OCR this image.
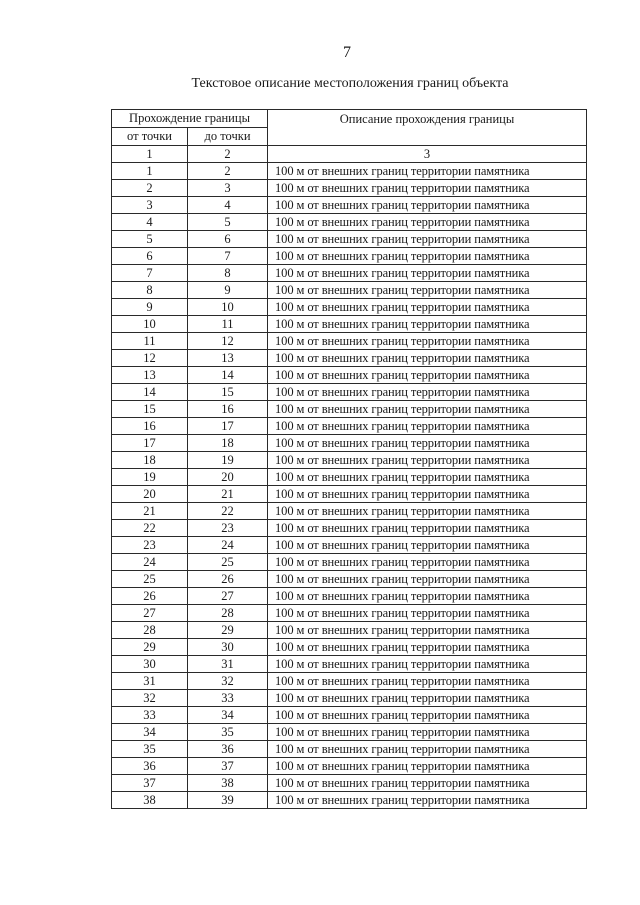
7
Текстовое описание местоположения границ объекта
Прохождение границы		Описание прохождения границы
от точки	до точки	
1	2	3
1	2	100 м от внешних границ территории памятника
2	3	100 м от внешних границ территории памятника
3	4	100 м от внешних границ территории памятника
4	5	100 м от внешних границ территории памятника
5	6	100 м от внешних границ территории памятника
6	7	100 м от внешних границ территории памятника
7	8	100 м от внешних границ территории памятника
8	9	100 м от внешних границ территории памятника
9	10	100 м от внешних границ территории памятника
10	11	100 м от внешних границ территории памятника
11	12	100 м от внешних границ территории памятника
12	13	100 м от внешних границ территории памятника
13	14	100 м от внешних границ территории памятника
14	15	100 м от внешних границ территории памятника
15	16	100 м от внешних границ территории памятника
16	17	100 м от внешних границ территории памятника
17	18	100 м от внешних границ территории памятника
18	19	100 м от внешних границ территории памятника
19	20	100 м от внешних границ территории памятника
20	21	100 м от внешних границ территории памятника
21	22	100 м от внешних границ территории памятника
22	23	100 м от внешних границ территории памятника
23	24	100 м от внешних границ территории памятника
24	25	100 м от внешних границ территории памятника
25	26	100 м от внешних границ территории памятника
26	27	100 м от внешних границ территории памятника
27	28	100 м от внешних границ территории памятника
28	29	100 м от внешних границ территории памятника
29	30	100 м от внешних границ территории памятника
30	31	100 м от внешних границ территории памятника
31	32	100 м от внешних границ территории памятника
32	33	100 м от внешних границ территории памятника
33	34	100 м от внешних границ территории памятника
34	35	100 м от внешних границ территории памятника
35	36	100 м от внешних границ территории памятника
36	37	100 м от внешних границ территории памятника
37	38	100 м от внешних границ территории памятника
38	39	100 м от внешних границ территории памятника
